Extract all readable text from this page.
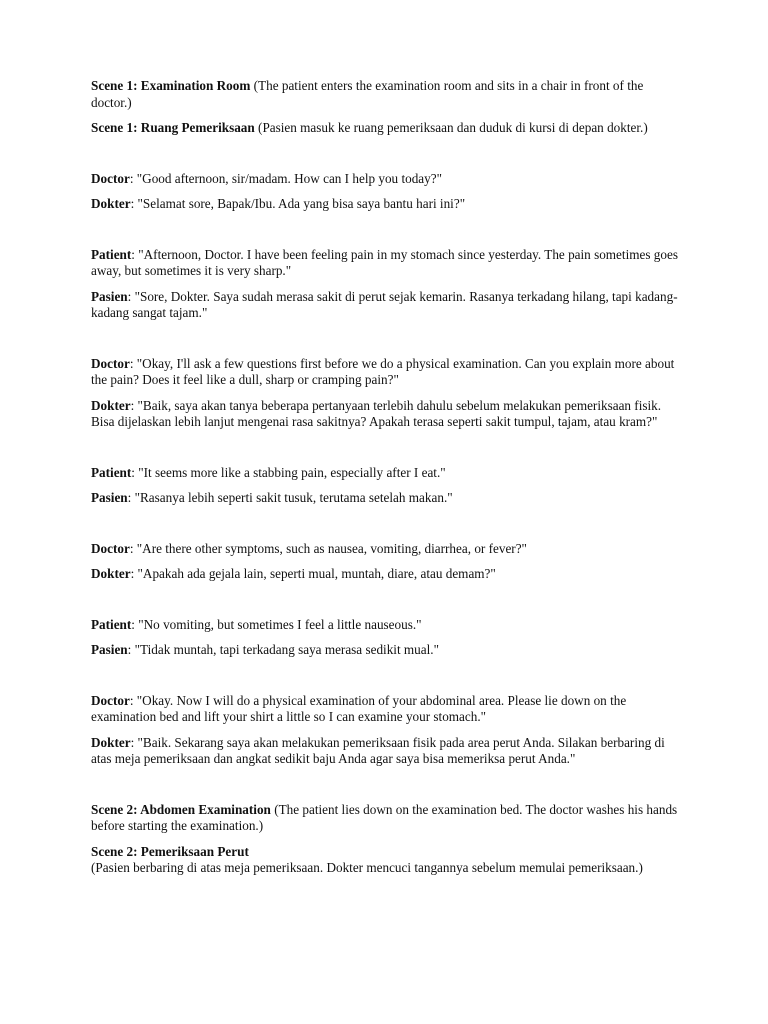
Scene 1: Examination Room (The patient enters the examination room and sits in a chair in front of the doctor.)

Scene 1: Ruang Pemeriksaan (Pasien masuk ke ruang pemeriksaan dan duduk di kursi di depan dokter.)

Doctor: "Good afternoon, sir/madam. How can I help you today?"

Dokter: "Selamat sore, Bapak/Ibu. Ada yang bisa saya bantu hari ini?"

Patient: "Afternoon, Doctor. I have been feeling pain in my stomach since yesterday. The pain sometimes goes away, but sometimes it is very sharp."

Pasien: "Sore, Dokter. Saya sudah merasa sakit di perut sejak kemarin. Rasanya terkadang hilang, tapi kadang-kadang sangat tajam."

Doctor: "Okay, I'll ask a few questions first before we do a physical examination. Can you explain more about the pain? Does it feel like a dull, sharp or cramping pain?"

Dokter: "Baik, saya akan tanya beberapa pertanyaan terlebih dahulu sebelum melakukan pemeriksaan fisik. Bisa dijelaskan lebih lanjut mengenai rasa sakitnya? Apakah terasa seperti sakit tumpul, tajam, atau kram?"

Patient: "It seems more like a stabbing pain, especially after I eat."

Pasien: "Rasanya lebih seperti sakit tusuk, terutama setelah makan."

Doctor: "Are there other symptoms, such as nausea, vomiting, diarrhea, or fever?"

Dokter: "Apakah ada gejala lain, seperti mual, muntah, diare, atau demam?"

Patient: "No vomiting, but sometimes I feel a little nauseous."

Pasien: "Tidak muntah, tapi terkadang saya merasa sedikit mual."

Doctor: "Okay. Now I will do a physical examination of your abdominal area. Please lie down on the examination bed and lift your shirt a little so I can examine your stomach."

Dokter: "Baik. Sekarang saya akan melakukan pemeriksaan fisik pada area perut Anda. Silakan berbaring di atas meja pemeriksaan dan angkat sedikit baju Anda agar saya bisa memeriksa perut Anda."

Scene 2: Abdomen Examination (The patient lies down on the examination bed. The doctor washes his hands before starting the examination.)

Scene 2: Pemeriksaan Perut
(Pasien berbaring di atas meja pemeriksaan. Dokter mencuci tangannya sebelum memulai pemeriksaan.)
